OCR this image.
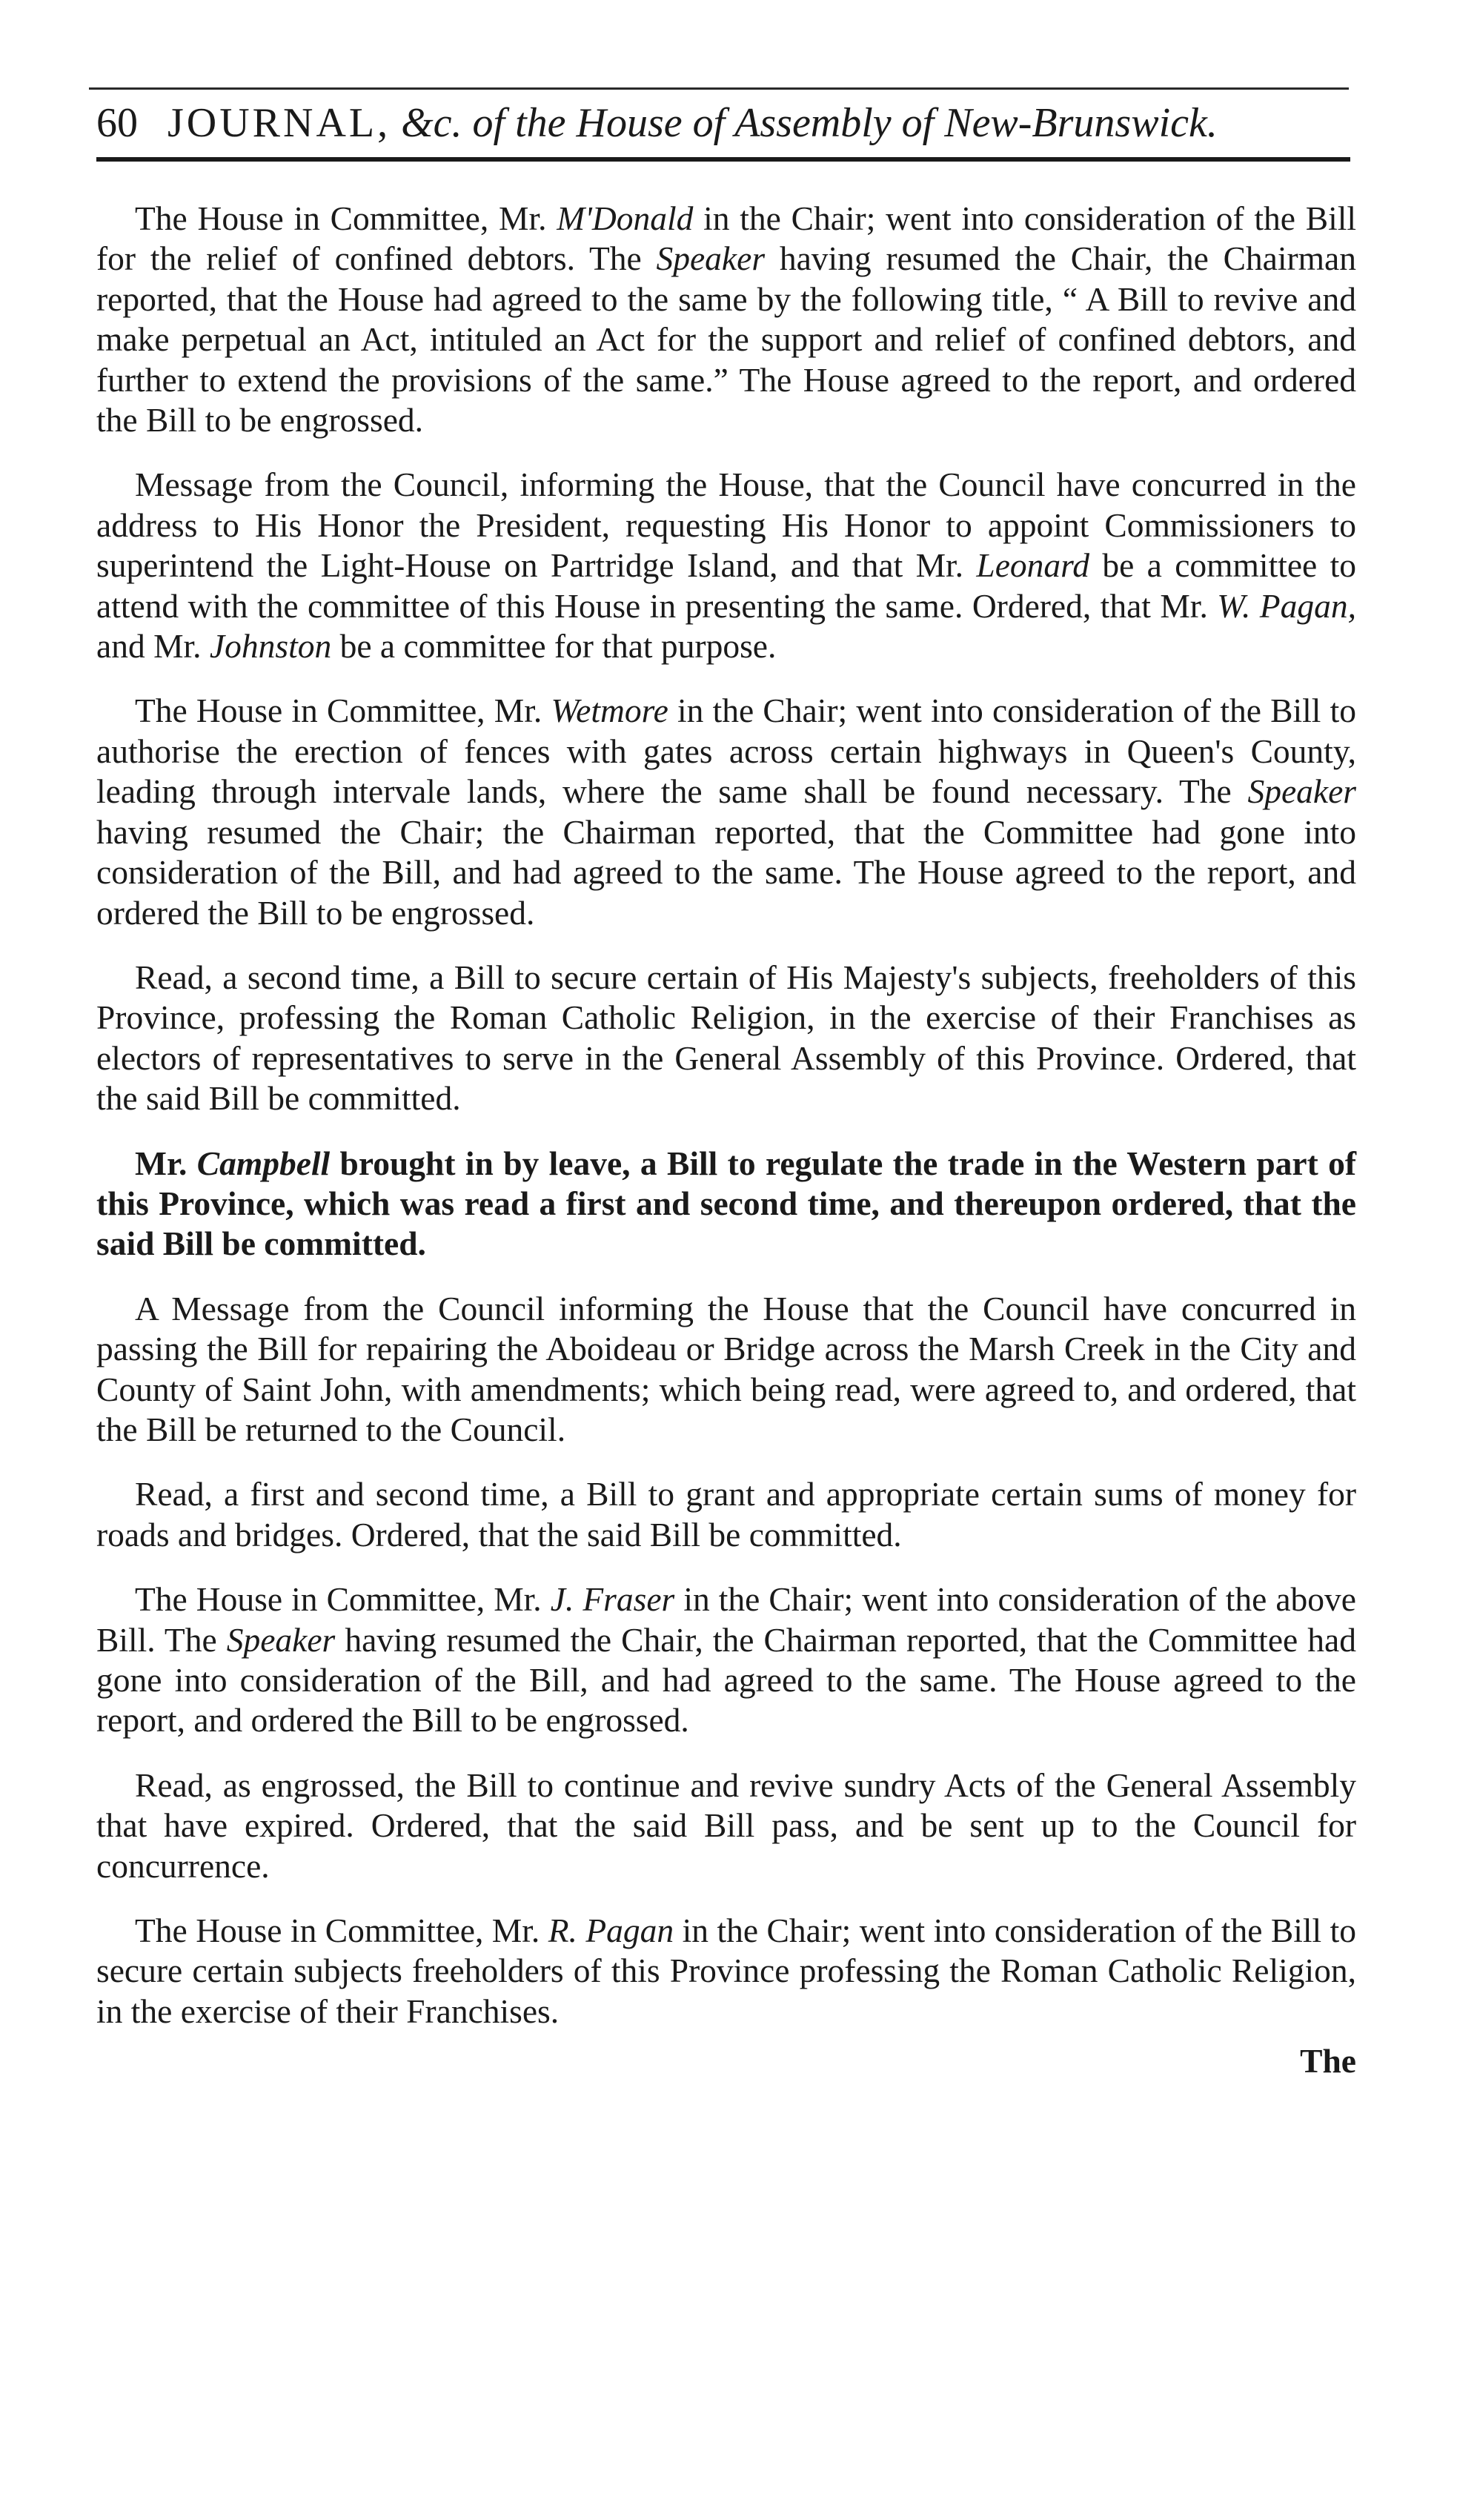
60 JOURNAL, &c. of the House of Assembly of New-Brunswick.

The House in Committee, Mr. M'Donald in the Chair; went into consideration of the Bill for the relief of confined debtors. The Speaker having resumed the Chair, the Chairman reported, that the House had agreed to the same by the following title, “ A Bill to revive and make perpetual an Act, intituled an Act for the support and relief of confined debtors, and further to extend the provisions of the same.” The House agreed to the report, and ordered the Bill to be engrossed.

Message from the Council, informing the House, that the Council have concurred in the address to His Honor the President, requesting His Honor to appoint Commissioners to superintend the Light-House on Partridge Island, and that Mr. Leonard be a committee to attend with the committee of this House in presenting the same. Ordered, that Mr. W. Pagan, and Mr. Johnston be a committee for that purpose.

The House in Committee, Mr. Wetmore in the Chair; went into consideration of the Bill to authorise the erection of fences with gates across certain highways in Queen's County, leading through intervale lands, where the same shall be found necessary. The Speaker having resumed the Chair; the Chairman reported, that the Committee had gone into consideration of the Bill, and had agreed to the same. The House agreed to the report, and ordered the Bill to be engrossed.

Read, a second time, a Bill to secure certain of His Majesty's subjects, freeholders of this Province, professing the Roman Catholic Religion, in the exercise of their Franchises as electors of representatives to serve in the General Assembly of this Province. Ordered, that the said Bill be committed.

Mr. Campbell brought in by leave, a Bill to regulate the trade in the Western part of this Province, which was read a first and second time, and thereupon ordered, that the said Bill be committed.

A Message from the Council informing the House that the Council have concurred in passing the Bill for repairing the Aboideau or Bridge across the Marsh Creek in the City and County of Saint John, with amendments; which being read, were agreed to, and ordered, that the Bill be returned to the Council.

Read, a first and second time, a Bill to grant and appropriate certain sums of money for roads and bridges. Ordered, that the said Bill be committed.

The House in Committee, Mr. J. Fraser in the Chair; went into consideration of the above Bill. The Speaker having resumed the Chair, the Chairman reported, that the Committee had gone into consideration of the Bill, and had agreed to the same. The House agreed to the report, and ordered the Bill to be engrossed.

Read, as engrossed, the Bill to continue and revive sundry Acts of the General Assembly that have expired. Ordered, that the said Bill pass, and be sent up to the Council for concurrence.

The House in Committee, Mr. R. Pagan in the Chair; went into consideration of the Bill to secure certain subjects freeholders of this Province professing the Roman Catholic Religion, in the exercise of their Franchises.

The
